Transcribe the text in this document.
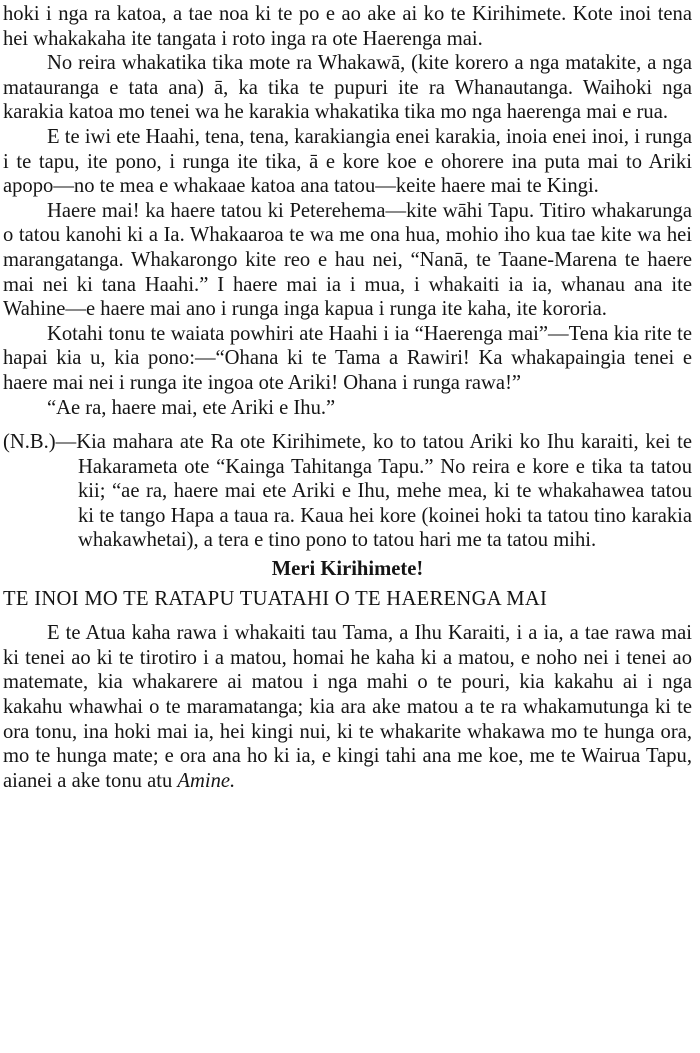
hoki i nga ra katoa, a tae noa ki te po e ao ake ai ko te Kirihimete. Kote inoi tena hei whakakaha ite tangata i roto inga ra ote Haerenga mai.

No reira whakatika tika mote ra Whakawā, (kite korero a nga matakite, a nga matauranga e tata ana) ā, ka tika te pupuri ite ra Whanautanga. Waihoki nga karakia katoa mo tenei wa he karakia whakatika tika mo nga haerenga mai e rua.

E te iwi ete Haahi, tena, tena, karakiangia enei karakia, inoia enei inoi, i runga i te tapu, ite pono, i runga ite tika, ā e kore koe e ohorere ina puta mai to Ariki apopo—no te mea e whakaae katoa ana tatou—keite haere mai te Kingi.

Haere mai! ka haere tatou ki Peterehema—kite wāhi Tapu. Titiro whakarunga o tatou kanohi ki a Ia. Whakaaroa te wa me ona hua, mohio iho kua tae kite wa hei marangatanga. Whakarongo kite reo e hau nei, “Nanā, te Taane-Marena te haere mai nei ki tana Haahi.” I haere mai ia i mua, i whakaiti ia ia, whanau ana ite Wahine—e haere mai ano i runga inga kapua i runga ite kaha, ite kororia.

Kotahi tonu te waiata powhiri ate Haahi i ia “Haerenga mai”—Tena kia rite te hapai kia u, kia pono:—“Ohana ki te Tama a Rawiri! Ka whakapaingia tenei e haere mai nei i runga ite ingoa ote Ariki! Ohana i runga rawa!”

“Ae ra, haere mai, ete Ariki e Ihu.”

(N.B.)—Kia mahara ate Ra ote Kirihimete, ko to tatou Ariki ko Ihu karaiti, kei te Hakarameta ote “Kainga Tahitanga Tapu.” No reira e kore e tika ta tatou kii; “ae ra, haere mai ete Ariki e Ihu, mehe mea, ki te whakahawea tatou ki te tango Hapa a taua ra. Kaua hei kore (koinei hoki ta tatou tino karakia whakawhetai), a tera e tino pono to tatou hari me ta tatou mihi.

Meri Kirihimete!

TE INOI MO TE RATAPU TUATAHI O TE HAERENGA MAI

E te Atua kaha rawa i whakaiti tau Tama, a Ihu Karaiti, i a ia, a tae rawa mai ki tenei ao ki te tirotiro i a matou, homai he kaha ki a matou, e noho nei i tenei ao matemate, kia whakarere ai matou i nga mahi o te pouri, kia kakahu ai i nga kakahu whawhai o te maramatanga; kia ara ake matou a te ra whakamutunga ki te ora tonu, ina hoki mai ia, hei kingi nui, ki te whakarite whakawa mo te hunga ora, mo te hunga mate; e ora ana ho ki ia, e kingi tahi ana me koe, me te Wairua Tapu, aianei a ake tonu atu Amine.
